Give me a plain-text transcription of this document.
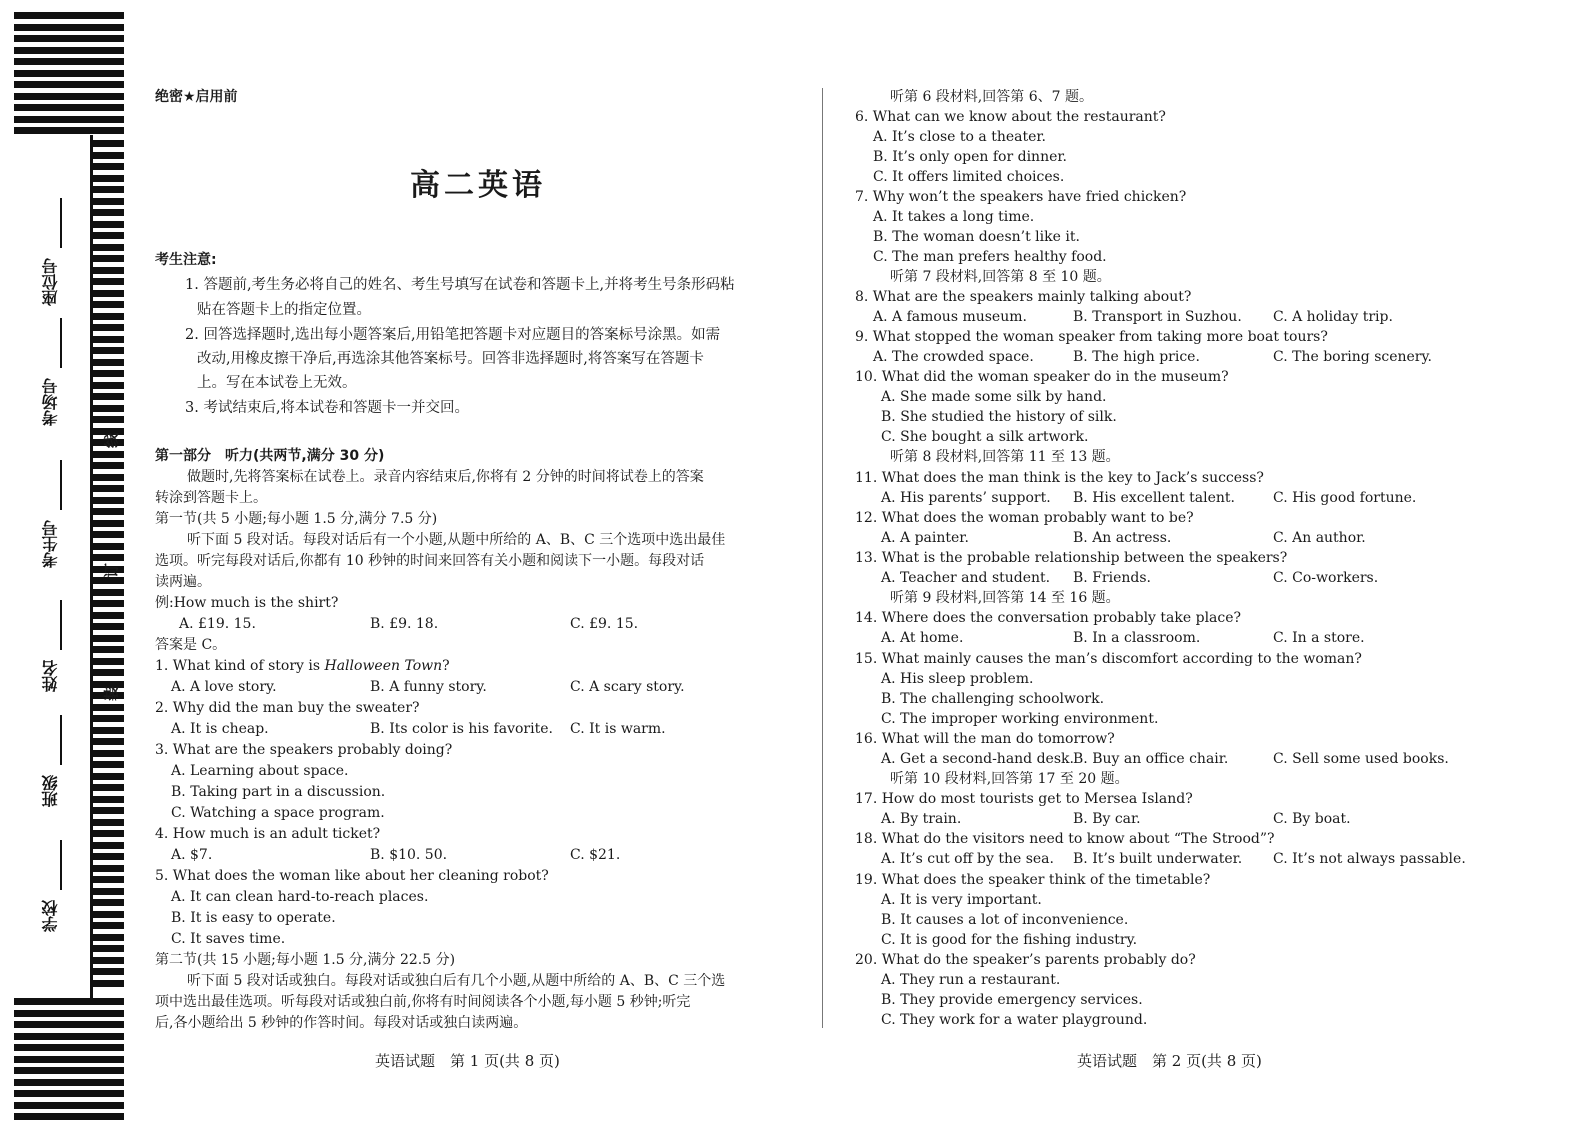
座位号
考场号
考生号
姓名
班级
学校
线
订
装
绝密★启用前
高二英语
考生注意:
1. 答题前,考生务必将自己的姓名、考生号填写在试卷和答题卡上,并将考生号条形码粘
贴在答题卡上的指定位置。
2. 回答选择题时,选出每小题答案后,用铅笔把答题卡对应题目的答案标号涂黑。如需
改动,用橡皮擦干净后,再选涂其他答案标号。回答非选择题时,将答案写在答题卡
上。写在本试卷上无效。
3. 考试结束后,将本试卷和答题卡一并交回。
第一部分　听力(共两节,满分 30 分)
做题时,先将答案标在试卷上。录音内容结束后,你将有 2 分钟的时间将试卷上的答案
转涂到答题卡上。
第一节(共 5 小题;每小题 1.5 分,满分 7.5 分)
听下面 5 段对话。每段对话后有一个小题,从题中所给的 A、B、C 三个选项中选出最佳
选项。听完每段对话后,你都有 10 秒钟的时间来回答有关小题和阅读下一小题。每段对话
读两遍。
例:How much is the shirt?
A. £19. 15.	B. £9. 18.	C. £9. 15.
答案是 C。
1. What kind of story is Halloween Town?
A. A love story.	B. A funny story.	C. A scary story.
2. Why did the man buy the sweater?
A. It is cheap.	B. Its color is his favorite. C. It is warm.
3. What are the speakers probably doing?
A. Learning about space.
B. Taking part in a discussion.
C. Watching a space program.
4. How much is an adult ticket?
A. $7.	B. $10. 50.	C. $21.
5. What does the woman like about her cleaning robot?
A. It can clean hard-to-reach places.
B. It is easy to operate.
C. It saves time.
第二节(共 15 小题;每小题 1.5 分,满分 22.5 分)
听下面 5 段对话或独白。每段对话或独白后有几个小题,从题中所给的 A、B、C 三个选
项中选出最佳选项。听每段对话或独白前,你将有时间阅读各个小题,每小题 5 秒钟;听完
后,各小题给出 5 秒钟的作答时间。每段对话或独白读两遍。
英语试题　第 1 页(共 8 页)
听第 6 段材料,回答第 6、7 题。
6. What can we know about the restaurant?
A. It’s close to a theater.
B. It’s only open for dinner.
C. It offers limited choices.
7. Why won’t the speakers have fried chicken?
A. It takes a long time.
B. The woman doesn’t like it.
C. The man prefers healthy food.
听第 7 段材料,回答第 8 至 10 题。
8. What are the speakers mainly talking about?
A. A famous museum.	B. Transport in Suzhou. C. A holiday trip.
9. What stopped the woman speaker from taking more boat tours?
A. The crowded space.	B. The high price.	C. The boring scenery.
10. What did the woman speaker do in the museum?
A. She made some silk by hand.
B. She studied the history of silk.
C. She bought a silk artwork.
听第 8 段材料,回答第 11 至 13 题。
11. What does the man think is the key to Jack’s success?
A. His parents’ support. B. His excellent talent.	C. His good fortune.
12. What does the woman probably want to be?
A. A painter.	B. An actress.	C. An author.
13. What is the probable relationship between the speakers?
A. Teacher and student. B. Friends.	C. Co-workers.
听第 9 段材料,回答第 14 至 16 题。
14. Where does the conversation probably take place?
A. At home.	B. In a classroom.	C. In a store.
15. What mainly causes the man’s discomfort according to the woman?
A. His sleep problem.
B. The challenging schoolwork.
C. The improper working environment.
16. What will the man do tomorrow?
A. Get a second-hand desk. B. Buy an office chair.	C. Sell some used books.
听第 10 段材料,回答第 17 至 20 题。
17. How do most tourists get to Mersea Island?
A. By train.	B. By car.	C. By boat.
18. What do the visitors need to know about “The Strood”?
A. It’s cut off by the sea. B. It’s built underwater. C. It’s not always passable.
19. What does the speaker think of the timetable?
A. It is very important.
B. It causes a lot of inconvenience.
C. It is good for the fishing industry.
20. What do the speaker’s parents probably do?
A. They run a restaurant.
B. They provide emergency services.
C. They work for a water playground.
英语试题　第 2 页(共 8 页)
